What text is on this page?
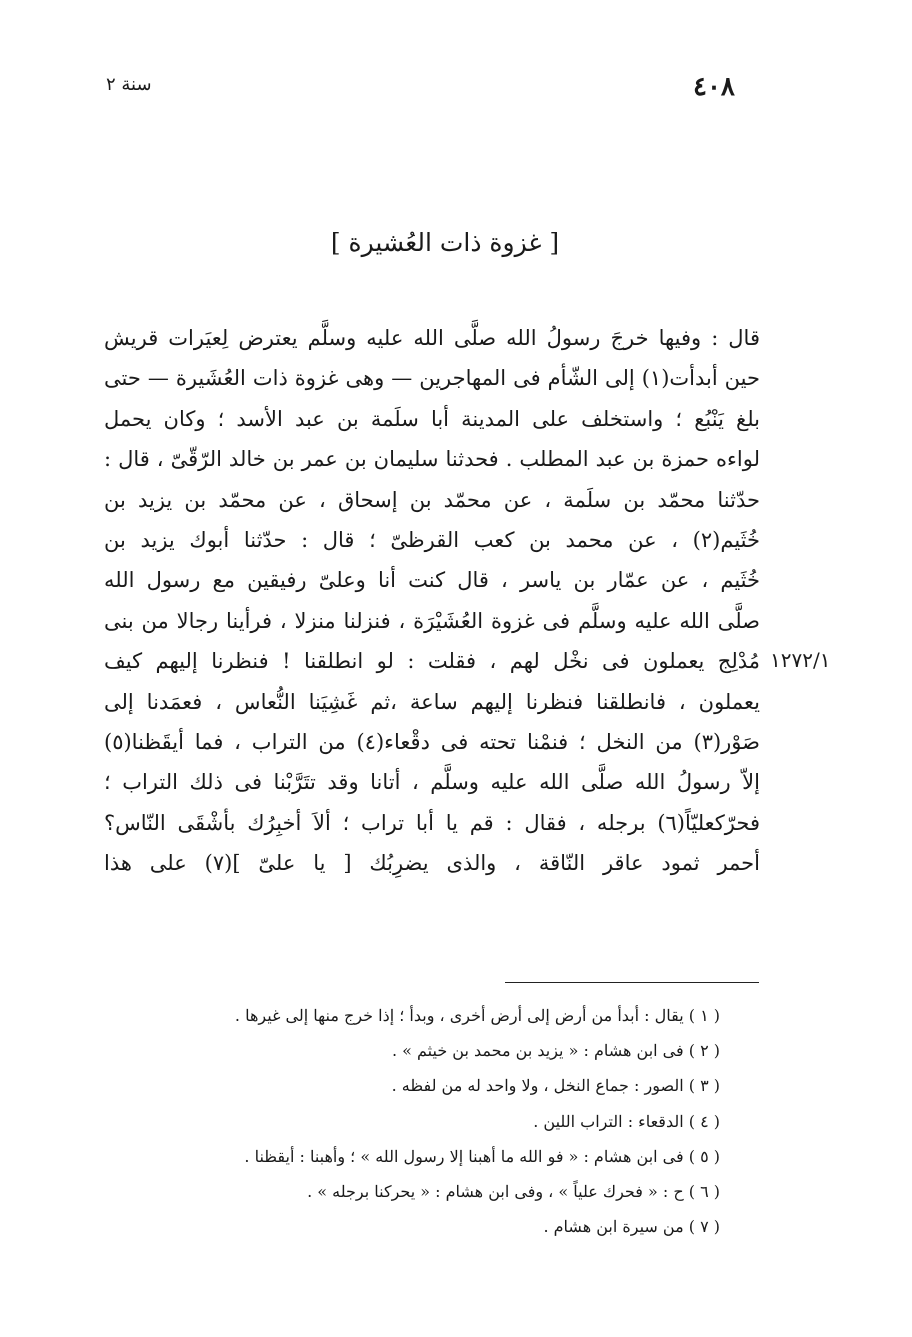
٤٠٨
سنة ٢
[ غزوة ذات العُشيرة ]
قال : وفيها خرجَ رسولُ الله صلَّى الله عليه وسلَّم يعترض لِعيَرات قريش
حين أبدأت(١) إلى الشّأم فى المهاجرين — وهى غزوة ذات العُشَيرة — حتى
بلغ يَنْبُع ؛ واستخلف على المدينة أبا سلَمة بن عبد الأسد ؛ وكان يحمل
لواءه حمزة بن عبد المطلب . فحدثنا سليمان بن عمر بن خالد الرّقّىّ ، قال :
حدّثنا محمّد بن سلَمة ، عن محمّد بن إسحاق ، عن محمّد بن يزيد بن
خُثَيم(٢) ، عن محمد بن كعب القرظىّ ؛ قال : حدّثنا أبوك يزيد بن
خُثَيم ، عن عمّار بن ياسر ، قال كنت أنا وعلىّ رفيقين مع رسول الله
صلَّى الله عليه وسلَّم فى غزوة العُشَيْرَة ، فنزلنا منزلا ، فرأينا رجالا من بنى
مُدْلِج يعملون فى نخْل لهم ، فقلت : لو انطلقنا ! فنظرنا إليهم كيف
يعملون ، فانطلقنا فنظرنا إليهم ساعة ،ثم غَشِيَنا النُّعاس ، فعمَدنا إلى
صَوْر(٣) من النخل ؛ فنمْنا تحته فى دقْعاء(٤) من التراب ، فما أيقَظنا(٥)
إلاّ رسولُ الله صلَّى الله عليه وسلَّم ، أتانا وقد تتَرَّبْنا فى ذلك التراب ؛
فحرّكعليّاً(٦) برجله ، فقال : قم يا أبا تراب ؛ ألاَ أخبِرُك بأشْقَى النّاس؟
أحمر ثمود عاقر النّاقة ، والذى يضرِبُك [ يا علىّ ](٧) على هذا
١٢٧٢/١
( ١ ) يقال : أبدأ من أرض إلى أرض أخرى ، وبدأ ؛ إذا خرج منها إلى غيرها .
( ٢ ) فى ابن هشام : « يزيد بن محمد بن خيثم » .
( ٣ ) الصور : جماع النخل ، ولا واحد له من لفظه .
( ٤ ) الدقعاء : التراب اللين .
( ٥ ) فى ابن هشام : « فو الله ما أهبنا إلا رسول الله » ؛ وأهبنا : أيقظنا .
( ٦ ) ح : « فحرك علياً » ، وفى ابن هشام : « يحركنا برجله » .
( ٧ ) من سيرة ابن هشام .
